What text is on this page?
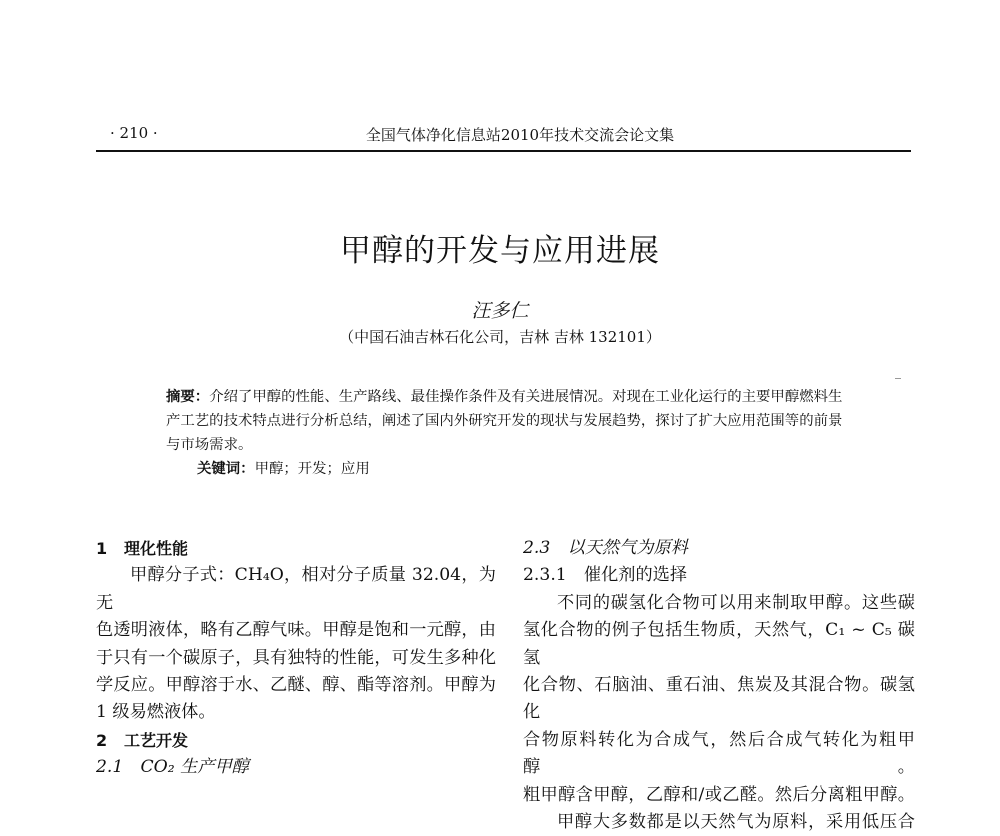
· 210 ·	全国气体净化信息站2010年技术交流会论文集
甲醇的开发与应用进展
汪多仁
（中国石油吉林石化公司，吉林 吉林 132101）
摘要：介绍了甲醇的性能、生产路线、最佳操作条件及有关进展情况。对现在工业化运行的主要甲醇燃料生产工艺的技术特点进行分析总结，阐述了国内外研究开发的现状与发展趋势，探讨了扩大应用范围等的前景与市场需求。
关键词：甲醇；开发；应用

1 理化性能

甲醇分子式：CH₄O，相对分子质量 32.04，为无

色透明液体，略有乙醇气味。甲醇是饱和一元醇，由

于只有一个碳原子，具有独特的性能，可发生多种化

学反应。甲醇溶于水、乙醚、醇、酯等溶剂。甲醇为

1 级易燃液体。

2 工艺开发

2.1　CO₂ 生产甲醇

2.3　以天然气为原料

2.3.1　催化剂的选择

不同的碳氢化合物可以用来制取甲醇。这些碳

氢化合物的例子包括生物质，天然气，C₁ ~ C₅ 碳氢

化合物、石脑油、重石油、焦炭及其混合物。碳氢化

合物原料转化为合成气，然后合成气转化为粗甲醇。

粗甲醇含甲醇，乙醇和/或乙醛。然后分离粗甲醇。

甲醇大多数都是以天然气为原料，采用低压合
